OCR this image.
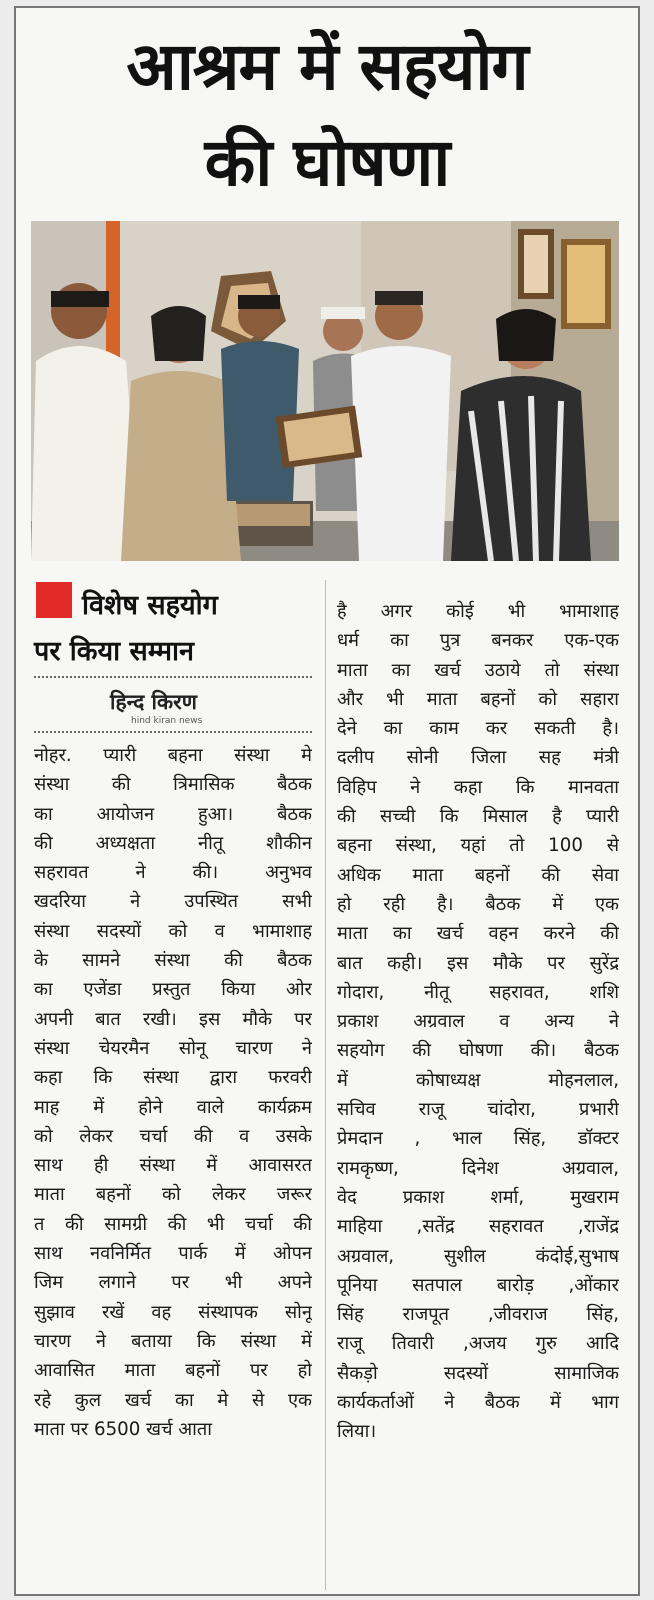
आश्रम में सहयोग
की घोषणा
विशेष सहयोग
पर किया सम्मान
हिन्द किरण
hind kiran news
नोहर. प्यारी बहना संस्था मे
संस्था की त्रिमासिक बैठक
का आयोजन हुआ। बैठक
की अध्यक्षता नीतू शौकीन
सहरावत ने की। अनुभव
खदरिया ने उपस्थित सभी
संस्था सदस्यों को व भामाशाह
के सामने संस्था की बैठक
का एजेंडा प्रस्तुत किया ओर
अपनी बात रखी। इस मौके पर
संस्था चेयरमैन सोनू चारण ने
कहा कि संस्था द्वारा फरवरी
माह में होने वाले कार्यक्रम
को लेकर चर्चा की व उसके
साथ ही संस्था में आवासरत
माता बहनों को लेकर जरूर
त की सामग्री की भी चर्चा की
साथ नवनिर्मित पार्क में ओपन
जिम लगाने पर भी अपने
सुझाव रखें वह संस्थापक सोनू
चारण ने बताया कि संस्था में
आवासित माता बहनों पर हो
रहे कुल खर्च का मे से एक
माता पर 6500 खर्च आता
है अगर कोई भी भामाशाह
धर्म का पुत्र बनकर एक-एक
माता का खर्च उठाये तो संस्था
और भी माता बहनों को सहारा
देने का काम कर सकती है।
दलीप सोनी जिला सह मंत्री
विहिप ने कहा कि मानवता
की सच्ची कि मिसाल है प्यारी
बहना संस्था, यहां तो 100 से
अधिक माता बहनों की सेवा
हो रही है। बैठक में एक
माता का खर्च वहन करने की
बात कही। इस मौके पर सुरेंद्र
गोदारा, नीतू सहरावत, शशि
प्रकाश अग्रवाल व अन्य ने
सहयोग की घोषणा की। बैठक
में कोषाध्यक्ष मोहनलाल,
सचिव राजू चांदोरा, प्रभारी
प्रेमदान , भाल सिंह, डॉक्टर
रामकृष्ण, दिनेश अग्रवाल,
वेद प्रकाश शर्मा, मुखराम
माहिया ,सतेंद्र सहरावत ,राजेंद्र
अग्रवाल, सुशील कंदोई,सुभाष
पूनिया सतपाल बारोड़ ,ओंकार
सिंह राजपूत ,जीवराज सिंह,
राजू तिवारी ,अजय गुरु आदि
सैकड़ो सदस्यों सामाजिक
कार्यकर्ताओं ने बैठक में भाग
लिया।
